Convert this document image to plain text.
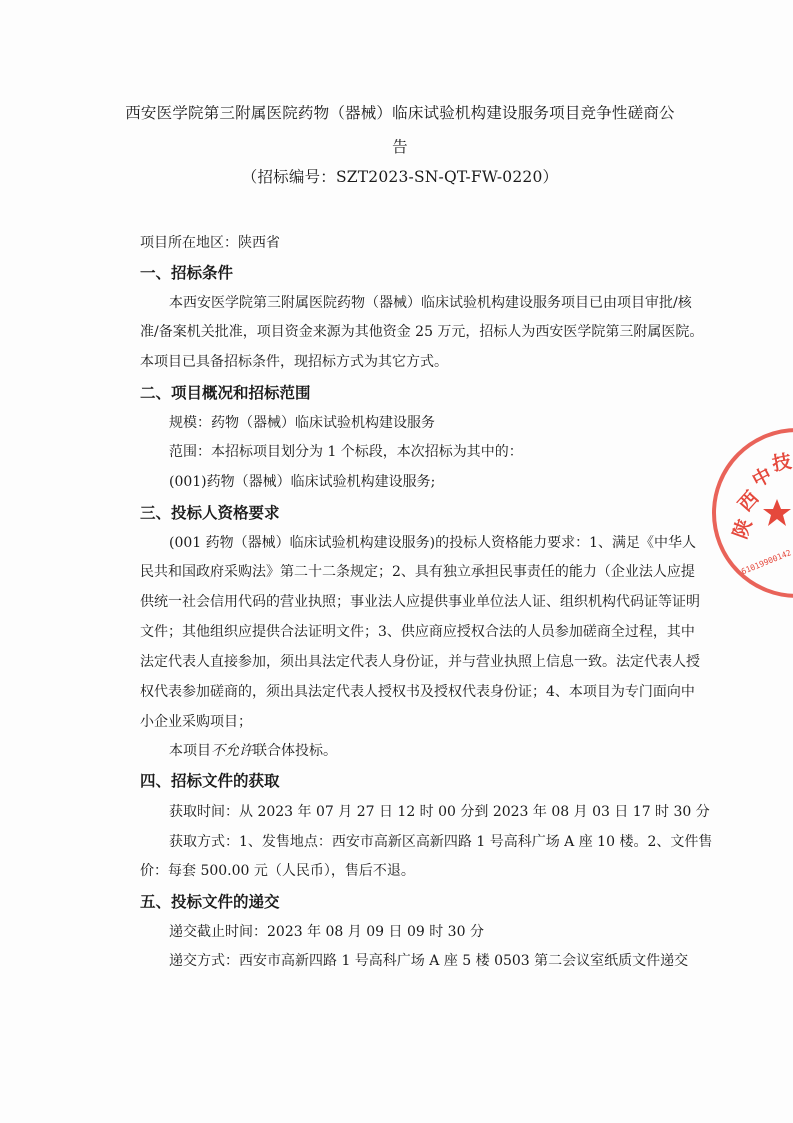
西安医学院第三附属医院药物（器械）临床试验机构建设服务项目竞争性磋商公
告
（招标编号：SZT2023-SN-QT-FW-0220）
项目所在地区：陕西省
一、招标条件
本西安医学院第三附属医院药物（器械）临床试验机构建设服务项目已由项目审批/核
准/备案机关批准，项目资金来源为其他资金 25 万元，招标人为西安医学院第三附属医院。
本项目已具备招标条件，现招标方式为其它方式。
二、项目概况和招标范围
规模：药物（器械）临床试验机构建设服务
范围：本招标项目划分为 1 个标段，本次招标为其中的：
(001)药物（器械）临床试验机构建设服务;
三、投标人资格要求
(001 药物（器械）临床试验机构建设服务)的投标人资格能力要求：1、满足《中华人
民共和国政府采购法》第二十二条规定；2、具有独立承担民事责任的能力（企业法人应提
供统一社会信用代码的营业执照；事业法人应提供事业单位法人证、组织机构代码证等证明
文件；其他组织应提供合法证明文件；3、供应商应授权合法的人员参加磋商全过程，其中
法定代表人直接参加，须出具法定代表人身份证，并与营业执照上信息一致。法定代表人授
权代表参加磋商的，须出具法定代表人授权书及授权代表身份证；4、本项目为专门面向中
小企业采购项目；
本项目不允许联合体投标。
四、招标文件的获取
获取时间：从 2023 年 07 月 27 日 12 时 00 分到 2023 年 08 月 03 日 17 时 30 分
获取方式：1、发售地点：西安市高新区高新四路 1 号高科广场 A 座 10 楼。2、文件售
价：每套 500.00 元（人民币），售后不退。
五、投标文件的递交
递交截止时间：2023 年 08 月 09 日 09 时 30 分
递交方式：西安市高新四路 1 号高科广场 A 座 5 楼 0503 第二会议室纸质文件递交
陕
西
中
技
61019900142
